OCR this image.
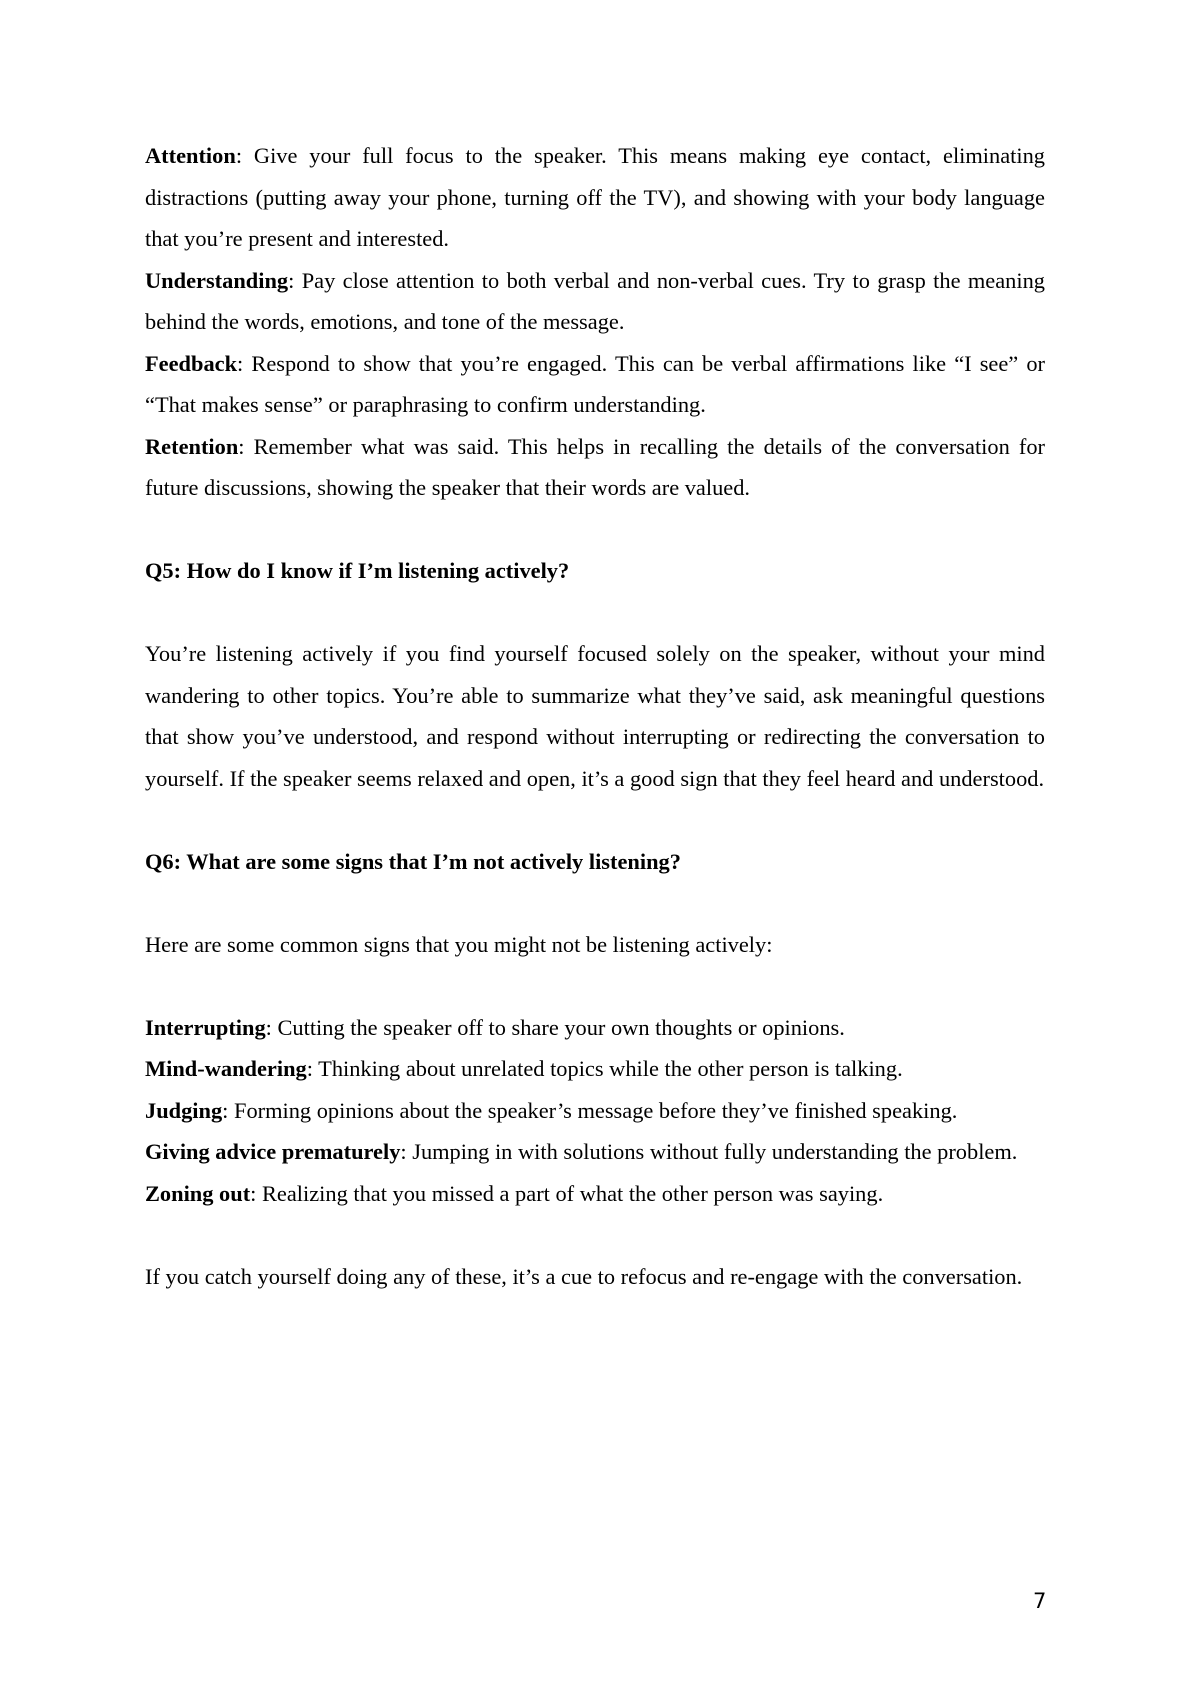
Attention: Give your full focus to the speaker. This means making eye contact, eliminating distractions (putting away your phone, turning off the TV), and showing with your body language that you’re present and interested.

Understanding: Pay close attention to both verbal and non-verbal cues. Try to grasp the meaning behind the words, emotions, and tone of the message.

Feedback: Respond to show that you’re engaged. This can be verbal affirmations like “I see” or “That makes sense” or paraphrasing to confirm understanding.

Retention: Remember what was said. This helps in recalling the details of the conversation for future discussions, showing the speaker that their words are valued.

Q5: How do I know if I’m listening actively?

You’re listening actively if you find yourself focused solely on the speaker, without your mind wandering to other topics. You’re able to summarize what they’ve said, ask meaningful questions that show you’ve understood, and respond without interrupting or redirecting the conversation to yourself. If the speaker seems relaxed and open, it’s a good sign that they feel heard and understood.

Q6: What are some signs that I’m not actively listening?

Here are some common signs that you might not be listening actively:

Interrupting: Cutting the speaker off to share your own thoughts or opinions.

Mind-wandering: Thinking about unrelated topics while the other person is talking.

Judging: Forming opinions about the speaker’s message before they’ve finished speaking.

Giving advice prematurely: Jumping in with solutions without fully understanding the problem.

Zoning out: Realizing that you missed a part of what the other person was saying.

If you catch yourself doing any of these, it’s a cue to refocus and re-engage with the conversation.

7
